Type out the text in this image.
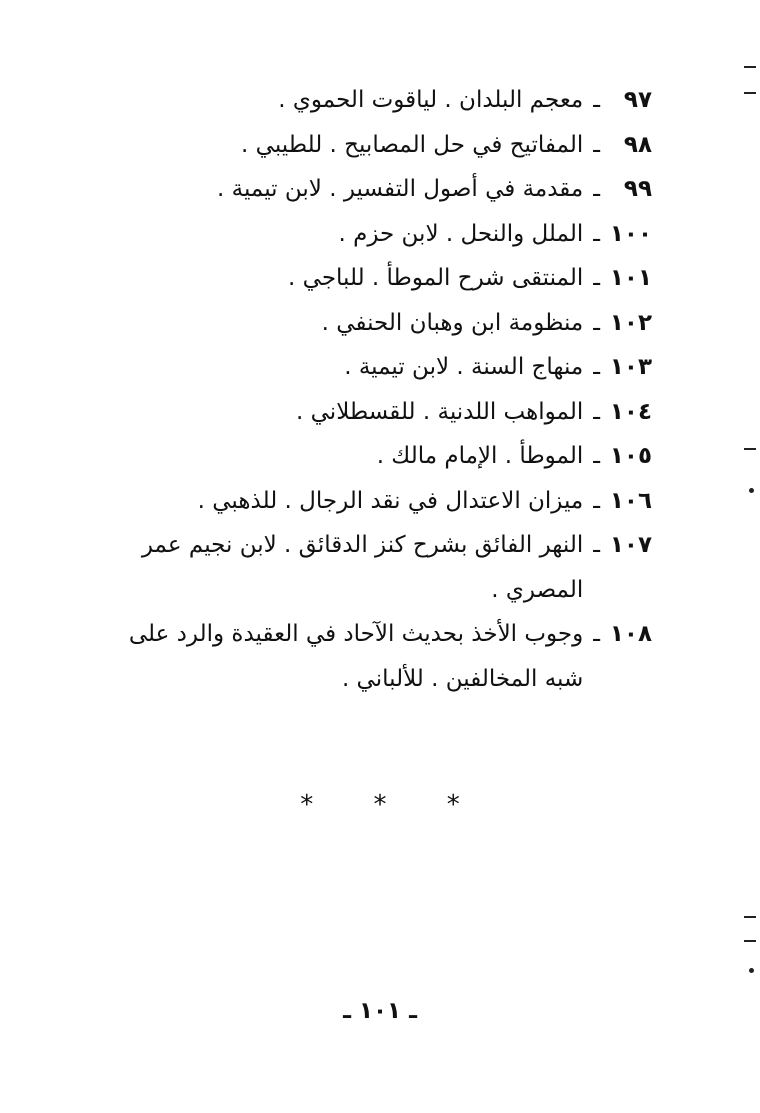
٩٧
ـ
معجم البلدان . لياقوت الحموي .
٩٨
ـ
المفاتيح في حل المصابيح . للطيبي .
٩٩
ـ
مقدمة في أصول التفسير . لابن تيمية .
١٠٠
ـ
الملل والنحل . لابن حزم .
١٠١
ـ
المنتقى شرح الموطأ . للباجي .
١٠٢
ـ
منظومة ابن وهبان الحنفي .
١٠٣
ـ
منهاج السنة . لابن تيمية .
١٠٤
ـ
المواهب اللدنية . للقسطلاني .
١٠٥
ـ
الموطأ . الإمام مالك .
١٠٦
ـ
ميزان الاعتدال في نقد الرجال . للذهبي .
١٠٧
ـ
النهر الفائق بشرح كنز الدقائق . لابن نجيم عمر المصري .
١٠٨
ـ
وجوب الأخذ بحديث الآحاد في العقيدة والرد على شبه المخالفين . للألباني .
* * *
ـ ١٠١ ـ
